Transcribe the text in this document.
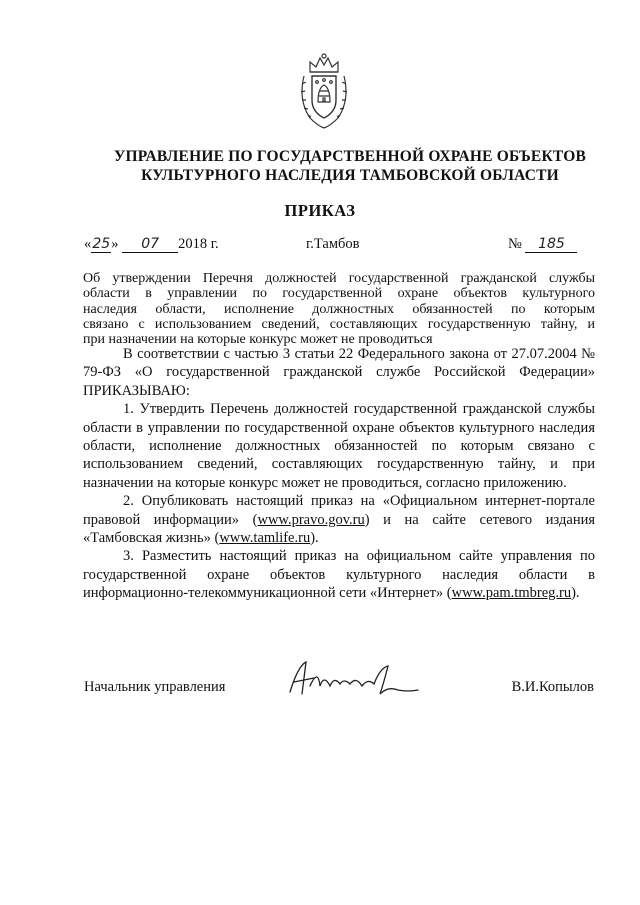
УПРАВЛЕНИЕ ПО ГОСУДАРСТВЕННОЙ ОХРАНЕ ОБЪЕКТОВ
КУЛЬТУРНОГО НАСЛЕДИЯ ТАМБОВСКОЙ ОБЛАСТИ
ПРИКАЗ
«25» 07 2018 г.	г.Тамбов	№ 185
Об утверждении Перечня должностей государственной гражданской службы
области в управлении по государственной охране объектов культурного
наследия области, исполнение должностных обязанностей по которым
связано с использованием сведений, составляющих государственную тайну, и
при назначении на которые конкурс может не проводиться

В соответствии с частью 3 статьи 22 Федерального закона от 27.07.2004 № 79-ФЗ «О государственной гражданской службе Российской Федерации» ПРИКАЗЫВАЮ:

1. Утвердить Перечень должностей государственной гражданской службы области в управлении по государственной охране объектов культурного наследия области, исполнение должностных обязанностей по которым связано с использованием сведений, составляющих государственную тайну, и при назначении на которые конкурс может не проводиться, согласно приложению.

2. Опубликовать настоящий приказ на «Официальном интернет-портале правовой информации» (www.pravo.gov.ru) и на сайте сетевого издания «Тамбовская жизнь» (www.tamlife.ru).

3. Разместить настоящий приказ на официальном сайте управления по государственной охране объектов культурного наследия области в информационно-телекоммуникационной сети «Интернет» (www.pam.tmbreg.ru).

Начальник управления	В.И.Копылов
